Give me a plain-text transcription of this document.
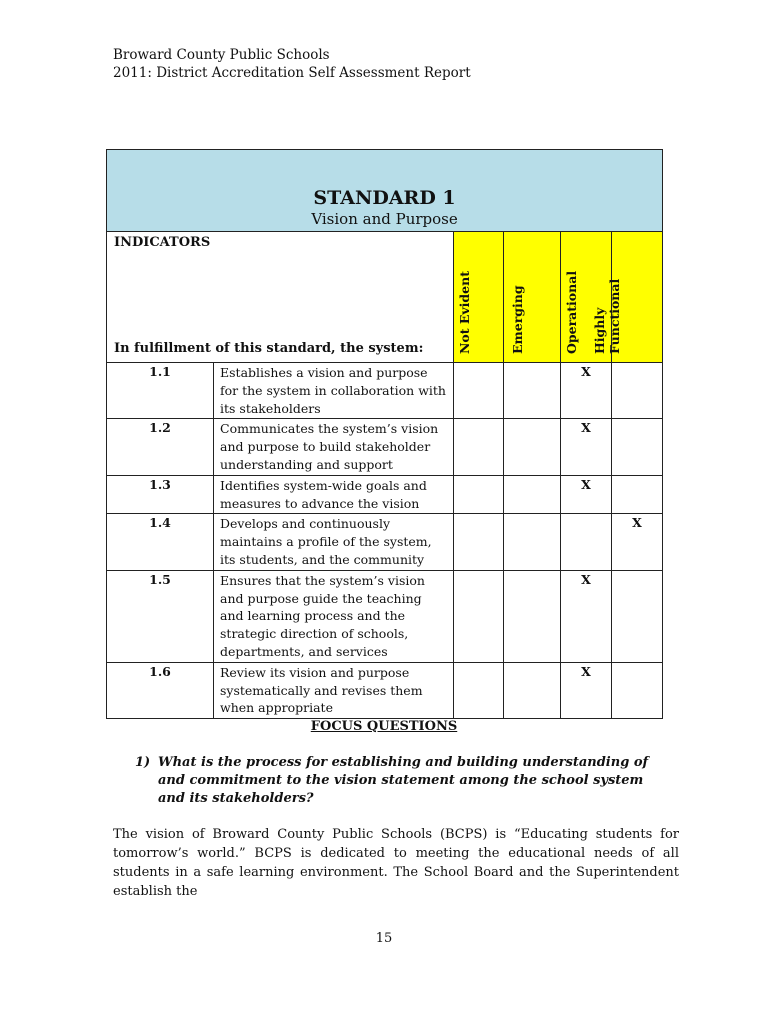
Broward County Public Schools
2011: District Accreditation Self Assessment Report
STANDARD 1
Vision and Purpose					

INDICATORS
In fulfillment of this standard, the system:		Not Evident	Emerging	Operational	Highly
Functional

1.1	Establishes a vision and purpose for the system in collaboration with its stakeholders			X	
1.2	Communicates the system’s vision and purpose to build stakeholder understanding and support			X	
1.3	Identifies system-wide goals and measures to advance the vision			X	
1.4	Develops and continuously maintains a profile of the system, its students, and the community				X
1.5	Ensures that the system’s vision and purpose guide the teaching and learning process and the strategic direction of schools, departments, and services			X	
1.6	Review its vision and purpose systematically and revises them when appropriate			X	
FOCUS QUESTIONS
1) What is the process for establishing and building understanding of and commitment to the vision statement among the school system and its stakeholders?
The vision of Broward County Public Schools (BCPS) is “Educating students for tomorrow’s world.” BCPS is dedicated to meeting the educational needs of all students in a safe learning environment. The School Board and the Superintendent establish the
15
